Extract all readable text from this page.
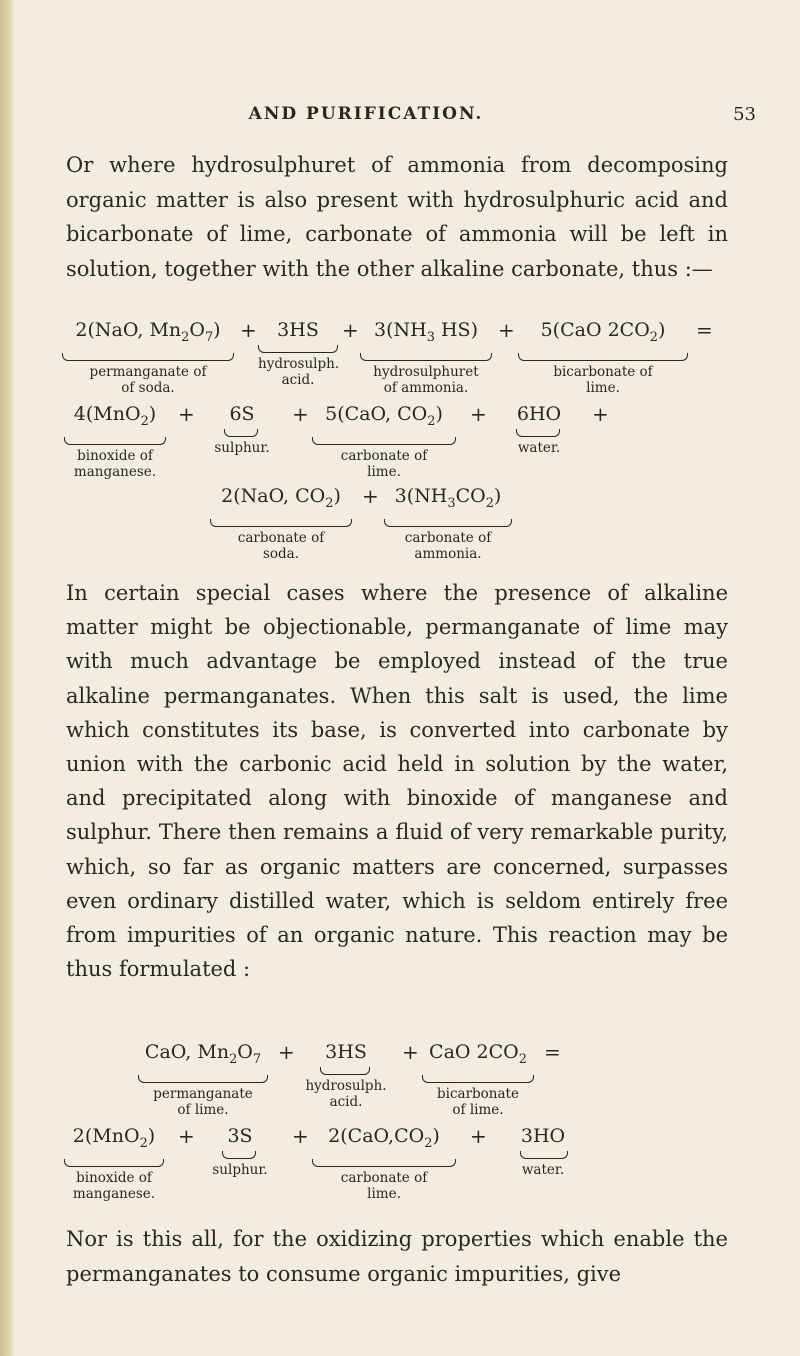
AND PURIFICATION.	53

Or where hydrosulphuret of ammonia from decomposing organic matter is also present with hydrosulphuric acid and bicarbonate of lime, carbonate of ammonia will be left in solution, together with the other alkaline carbonate, thus :—

2(NaO, $Mn_2O_7$)
permanganate of
of soda.
+	3HS
hydrosulph.
acid.
+ $3(NH_3$ HS)
hydrosulphuret
of ammonia.
+	5(CaO $2CO_2$)
bicarbonate of
lime.
=
4(MnO$_2$)
binoxide of
manganese.
+	6S
sulphur.
+ 5(CaO, $CO_2$)
carbonate of
lime.
+	6HO
water.
+
2(NaO, $CO_2$)
carbonate of
soda.
+ $3(NH_3CO_2)$
carbonate of
ammonia.

In certain special cases where the presence of alkaline matter might be objectionable, permanganate of lime may with much advantage be employed instead of the true alkaline permanganates. When this salt is used, the lime which constitutes its base, is converted into carbonate by union with the carbonic acid held in solution by the water, and precipitated along with binoxide of manganese and sulphur. There then remains a fluid of very remarkable purity, which, so far as organic matters are concerned, surpasses even ordinary distilled water, which is seldom entirely free from impurities of an organic nature. This reaction may be thus formulated :

CaO, $Mn_2O_7$
permanganate
of lime.
+	3HS
hydrosulph.
acid.
+ CaO $2CO_2$
bicarbonate
of lime.
=
2(MnO$_2$)
binoxide of
manganese.
+	3S
sulphur.
+	$2(CaO,CO_2)$
carbonate of
lime.
+	3HO
water.

Nor is this all, for the oxidizing properties which enable the permanganates to consume organic impurities, give
